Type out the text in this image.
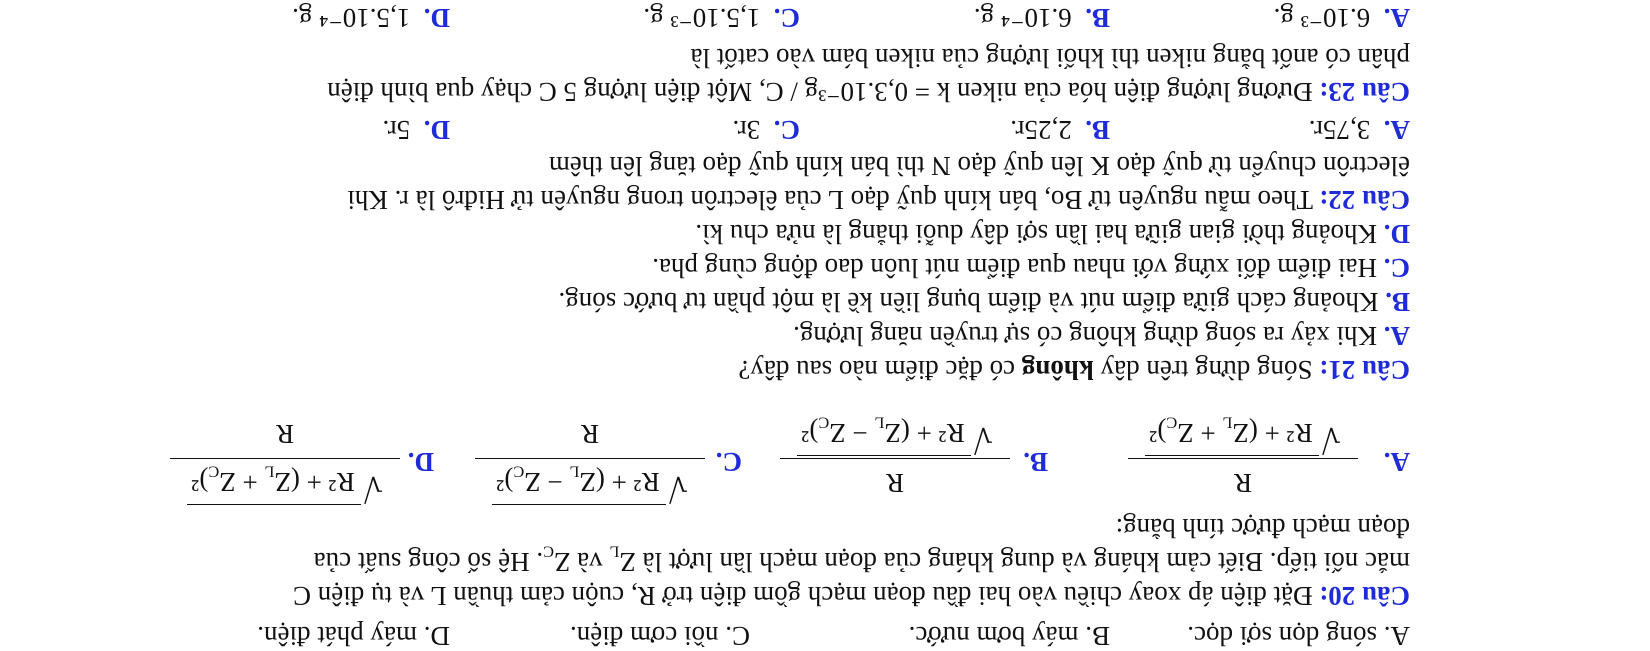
A. sóng dọn sợi dọc.
B. máy bơm nước.
C. nồi cơm điện.
D. máy phát điện.
Câu 20: Đặt điện áp xoay chiều vào hai đầu đoạn mạch gồm điện trở R, cuộn cảm thuần L và tụ điện C
mắc nối tiếp. Biết cảm kháng và dung kháng của đoạn mạch lần lượt là $Z_L$ và $Z_C$. Hệ số công suất của
đoạn mạch được tính bằng:
A.
R
√
$R^2 + (Z_L + Z_C)^2$
B.
R
√
$R^2 + (Z_L - Z_C)^2$
C.
√
$R^2 + (Z_L - Z_C)^2$
R
D.
√
$R^2 + (Z_L + Z_C)^2$
R
Câu 21: Sóng dừng trên dây không có đặc điểm nào sau đây?
A. Khi xảy ra sóng dừng không có sự truyền năng lượng.
B. Khoảng cách giữa điểm nút và điểm bụng liền kề là một phần tư bước sóng.
C. Hai điểm đối xứng với nhau qua điểm nút luôn dao động cùng pha.
D. Khoảng thời gian giữa hai lần sợi dây duỗi thẳng là nửa chu kì.
Câu 22: Theo mẫu nguyên tử Bo, bán kính quỹ đạo L của êlectrôn trong nguyên tử Hiđrô là r. Khi
êlectrôn chuyển từ quỹ đạo K lên quỹ đạo N thì bán kính quỹ đạo tăng lên thêm
A.  3,75r.
B.  2,25r.
C.  3r.
D.  5r.
Câu 23: Đương lượng điện hóa của niken k = 0,3.10⁻³g / C, Một điện lượng 5 C chạy qua bình điện
phân có anốt bằng niken thì khối lượng của niken bám vào catốt là
A.  6.10⁻³ g.
B.  6.10⁻⁴ g.
C.  1,5.10⁻³ g.
D.  1,5.10⁻⁴ g.
